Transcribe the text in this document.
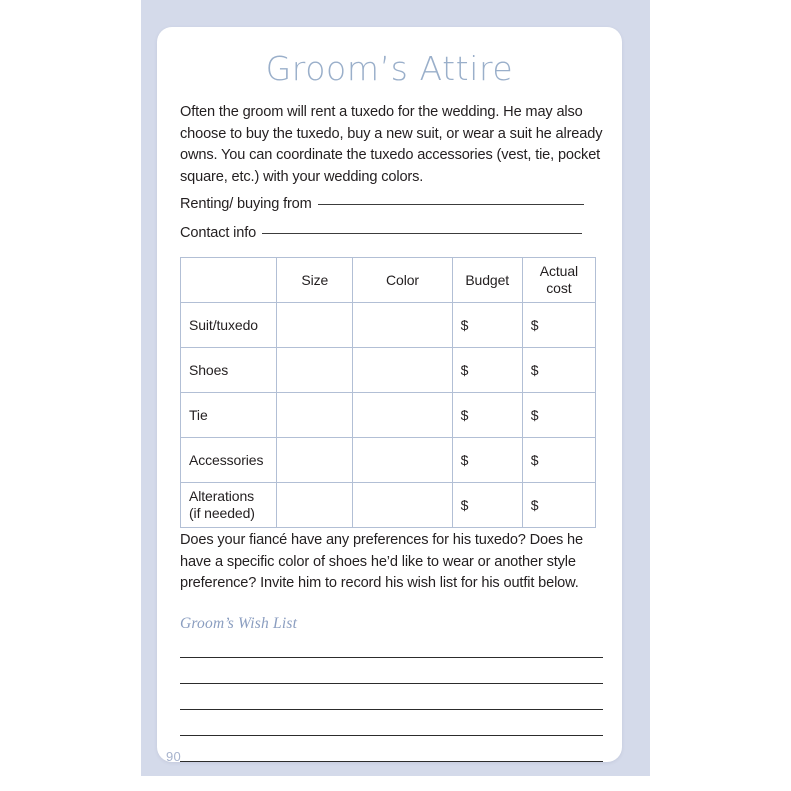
Groom’s Attire
Often the groom will rent a tuxedo for the wedding. He may also choose to buy the tuxedo, buy a new suit, or wear a suit he already owns. You can coordinate the tuxedo accessories (vest, tie, pocket square, etc.) with your wedding colors.
Renting/ buying from
Contact info
	Size	Color	Budget	Actual
cost
Suit/tuxedo			$	$
Shoes			$	$
Tie			$	$
Accessories			$	$
Alterations
(if needed)			$	$
Does your fiancé have any preferences for his tuxedo? Does he have a specific color of shoes he’d like to wear or another style preference? Invite him to record his wish list for his outfit below.
Groom’s Wish List
90
